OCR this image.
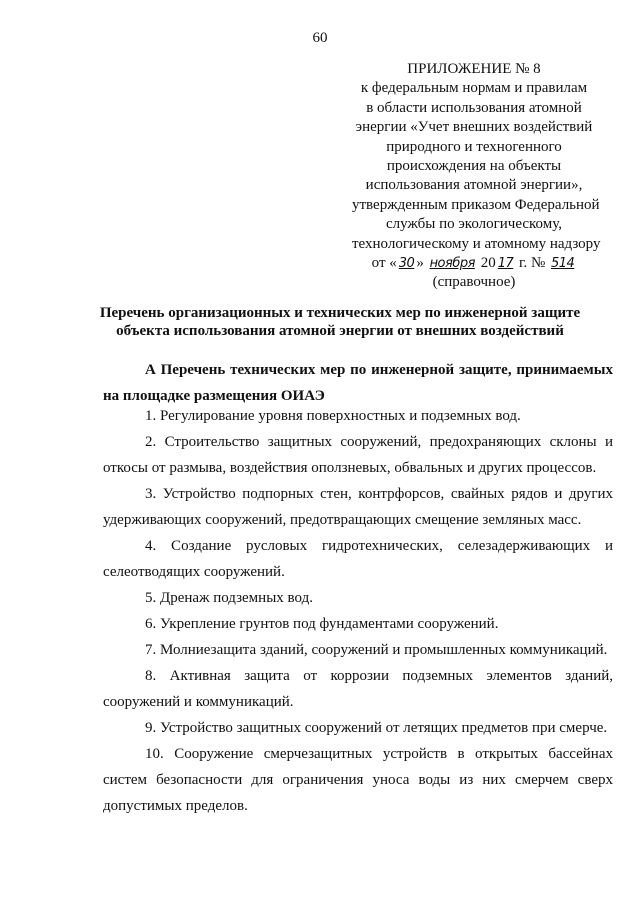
60
ПРИЛОЖЕНИЕ № 8
к федеральным нормам и правилам
в области использования атомной
энергии «Учет внешних воздействий
природного и техногенного
происхождения на объекты
использования атомной энергии»,
утвержденным приказом Федеральной
службы по экологическому,
технологическому и атомному надзору
от « 30 » ноября 20 17 г. № 514
(справочное)
Перечень организационных и технических мер по инженерной защите
объекта использования атомной энергии от внешних воздействий
А Перечень технических мер по инженерной защите, принимаемых
на площадке размещения ОИАЭ
1. Регулирование уровня поверхностных и подземных вод.
2. Строительство защитных сооружений, предохраняющих склоны и
откосы от размыва, воздействия оползневых, обвальных и других процессов.
3. Устройство подпорных стен, контрфорсов, свайных рядов и других
удерживающих сооружений, предотвращающих смещение земляных масс.
4. Создание русловых гидротехнических, селезадерживающих и
селеотводящих сооружений.
5. Дренаж подземных вод.
6. Укрепление грунтов под фундаментами сооружений.
7. Молниезащита зданий, сооружений и промышленных коммуникаций.
8. Активная защита от коррозии подземных элементов зданий,
сооружений и коммуникаций.
9. Устройство защитных сооружений от летящих предметов при смерче.
10. Сооружение смерчезащитных устройств в открытых бассейнах
систем безопасности для ограничения уноса воды из них смерчем сверх
допустимых пределов.
